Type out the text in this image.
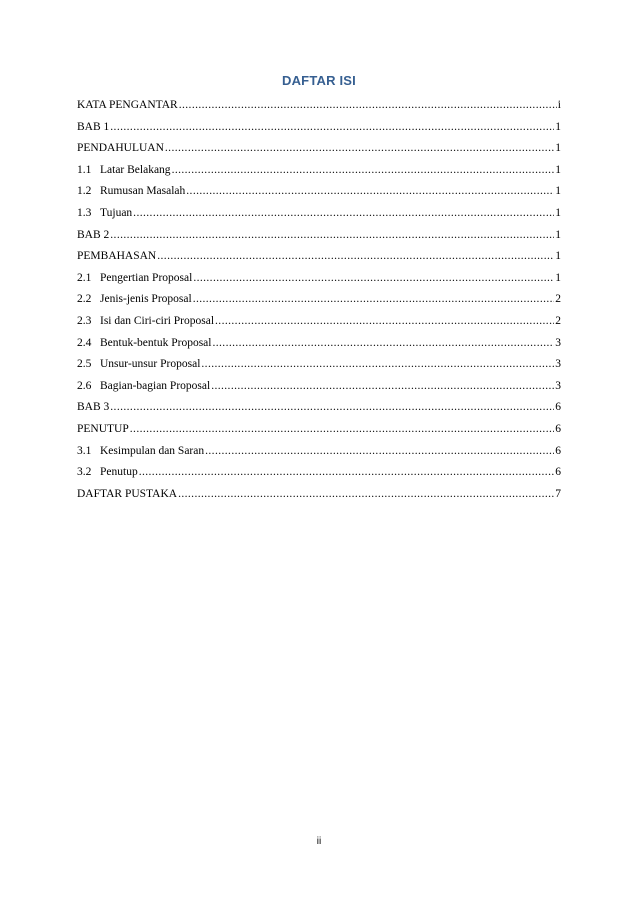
DAFTAR ISI
KATA PENGANTAR .....	i
BAB 1 .....	1
PENDAHULUAN .....	1
1.1 Latar Belakang .....	1
1.2 Rumusan Masalah .....	1
1.3 Tujuan .....	1
BAB 2 .....	1
PEMBAHASAN .....	1
2.1 Pengertian Proposal .....	1
2.2 Jenis-jenis Proposal .....	2
2.3 Isi dan Ciri-ciri Proposal .....	2
2.4 Bentuk-bentuk Proposal .....	3
2.5 Unsur-unsur Proposal .....	3
2.6 Bagian-bagian Proposal .....	3
BAB 3 .....	6
PENUTUP .....	6
3.1 Kesimpulan dan Saran .....	6
3.2 Penutup .....	6
DAFTAR PUSTAKA .....	7
ii
